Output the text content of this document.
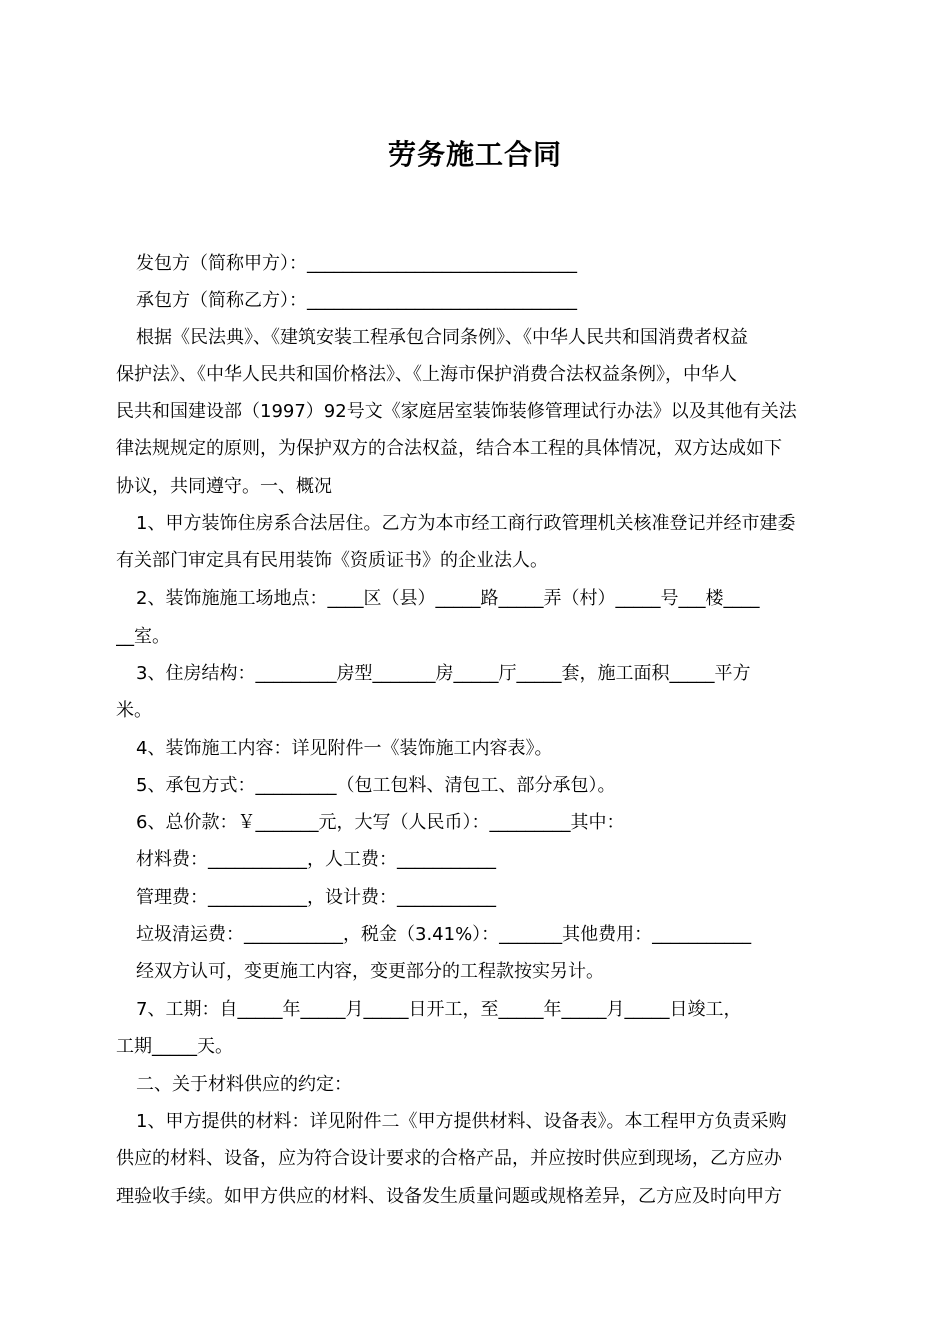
劳务施工合同
发包方（简称甲方）：______________________________
承包方（简称乙方）：______________________________
根据《民法典》、《建筑安装工程承包合同条例》、《中华人民共和国消费者权益
保护法》、《中华人民共和国价格法》、《上海市保护消费合法权益条例》，中华人
民共和国建设部（1997）92号文《家庭居室装饰装修管理试行办法》以及其他有关法
律法规规定的原则，为保护双方的合法权益，结合本工程的具体情况，双方达成如下
协议，共同遵守。一、概况
1、甲方装饰住房系合法居住。乙方为本市经工商行政管理机关核准登记并经市建委
有关部门审定具有民用装饰《资质证书》的企业法人。
2、装饰施施工场地点：____区（县）_____路_____弄（村）_____号___楼____
__室。
3、住房结构：_________房型_______房_____厅_____套，施工面积_____平方
米。
4、装饰施工内容：详见附件一《装饰施工内容表》。
5、承包方式：_________（包工包料、清包工、部分承包）。
6、总价款：￥_______元，大写（人民币）：_________其中：
材料费：___________，人工费：___________
管理费：___________，设计费：___________
垃圾清运费：___________，税金（3.41%）：_______其他费用：___________
经双方认可，变更施工内容，变更部分的工程款按实另计。
7、工期：自_____年_____月_____日开工，至_____年_____月_____日竣工，
工期_____天。
二、关于材料供应的约定：
1、甲方提供的材料：详见附件二《甲方提供材料、设备表》。本工程甲方负责采购
供应的材料、设备，应为符合设计要求的合格产品，并应按时供应到现场，乙方应办
理验收手续。如甲方供应的材料、设备发生质量问题或规格差异，乙方应及时向甲方
